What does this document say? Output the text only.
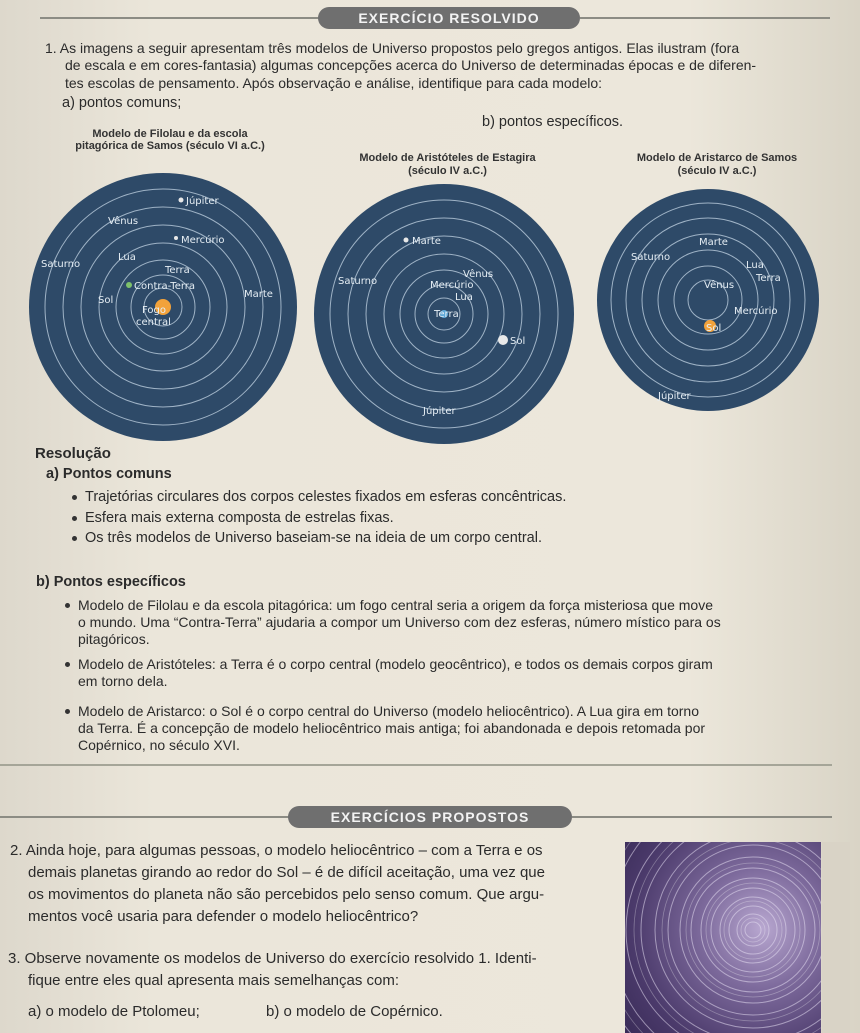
EXERCÍCIO RESOLVIDO
1. As imagens a seguir apresentam três modelos de Universo propostos pelo gregos antigos. Elas ilustram (fora
de escala e em cores-fantasia) algumas concepções acerca do Universo de determinadas épocas e de diferen-
tes escolas de pensamento. Após observação e análise, identifique para cada modelo:
a) pontos comuns;
b) pontos específicos.
Modelo de Filolau e da escola
pitagórica de Samos (século VI a.C.)
Modelo de Aristóteles de Estagira
(século IV a.C.)
Modelo de Aristarco de Samos
(século IV a.C.)
Júpiter
Vênus
Mercúrio
Saturno
Lua
Terra
Contra-Terra
Marte
Sol
Fogo
central
Marte
Saturno
Vênus
Mercúrio
Lua
Terra
Sol
Júpiter
Marte
Saturno
Lua
Terra
Vênus
Mercúrio
Sol
Júpiter
Resolução
a) Pontos comuns
Trajetórias circulares dos corpos celestes fixados em esferas concêntricas.
Esfera mais externa composta de estrelas fixas.
Os três modelos de Universo baseiam-se na ideia de um corpo central.
b) Pontos específicos
Modelo de Filolau e da escola pitagórica: um fogo central seria a origem da força misteriosa que move
o mundo. Uma “Contra-Terra” ajudaria a compor um Universo com dez esferas, número místico para os
pitagóricos.
Modelo de Aristóteles: a Terra é o corpo central (modelo geocêntrico), e todos os demais corpos giram
em torno dela.
Modelo de Aristarco: o Sol é o corpo central do Universo (modelo heliocêntrico). A Lua gira em torno
da Terra. É a concepção de modelo heliocêntrico mais antiga; foi abandonada e depois retomada por
Copérnico, no século XVI.
EXERCÍCIOS PROPOSTOS
2. Ainda hoje, para algumas pessoas, o modelo heliocêntrico – com a Terra e os
demais planetas girando ao redor do Sol – é de difícil aceitação, uma vez que
os movimentos do planeta não são percebidos pelo senso comum. Que argu-
mentos você usaria para defender o modelo heliocêntrico?
3. Observe novamente os modelos de Universo do exercício resolvido 1. Identi-
fique entre eles qual apresenta mais semelhanças com:
a) o modelo de Ptolomeu;	b) o modelo de Copérnico.
